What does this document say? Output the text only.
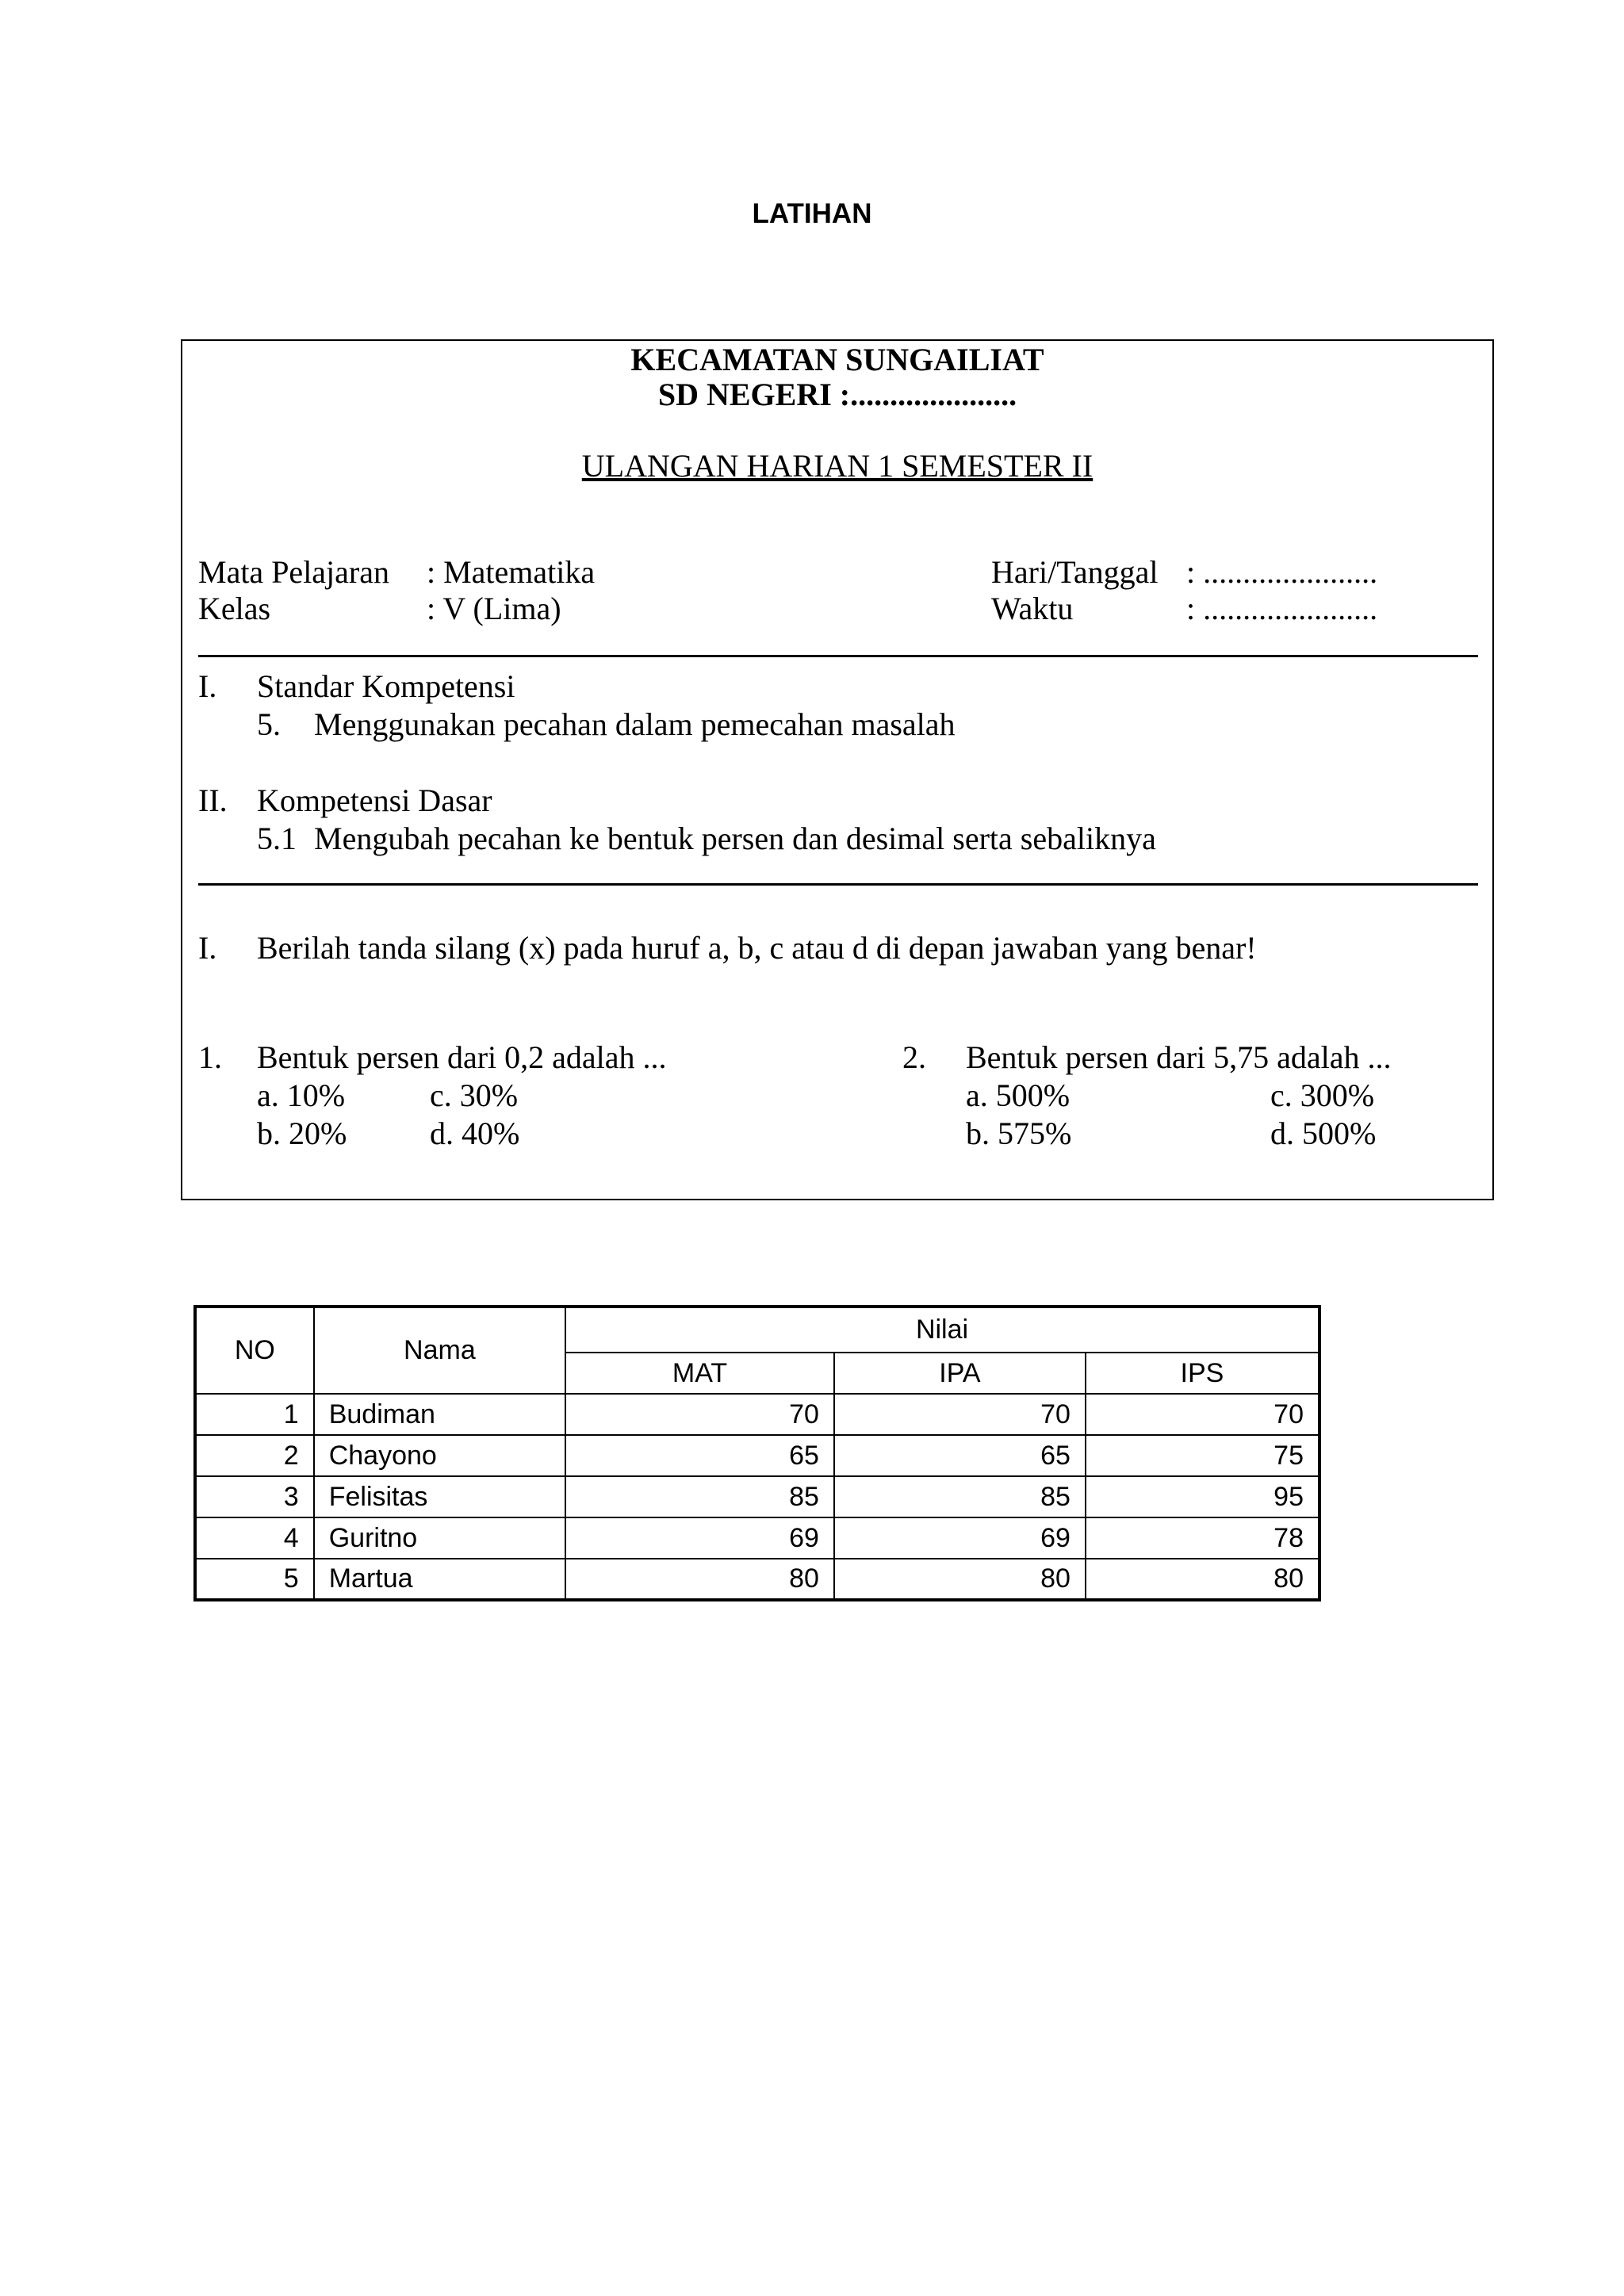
LATIHAN
KECAMATAN SUNGAILIAT
SD NEGERI :.....................
ULANGAN HARIAN 1 SEMESTER II
Mata Pelajaran : Matematika	Hari/Tanggal : ......................
Kelas	: V (Lima)	Waktu	: ......................
I. Standar Kompetensi
5. Menggunakan pecahan dalam pemecahan masalah
II. Kompetensi Dasar
5.1 Mengubah pecahan ke bentuk persen dan desimal serta sebaliknya
I. Berilah tanda silang (x) pada huruf a, b, c atau d di depan jawaban yang benar!
1. Bentuk persen dari 0,2 adalah ...
a. 10%	c. 30%
b. 20%	d. 40%
2. Bentuk persen dari 5,75 adalah ...
a. 500%	c. 300%
b. 575%	d. 500%
NO	Nama	Nilai		
		MAT	IPA	IPS
1	Budiman	70	70	70
2	Chayono	65	65	75
3	Felisitas	85	85	95
4	Guritno	69	69	78
5	Martua	80	80	80
